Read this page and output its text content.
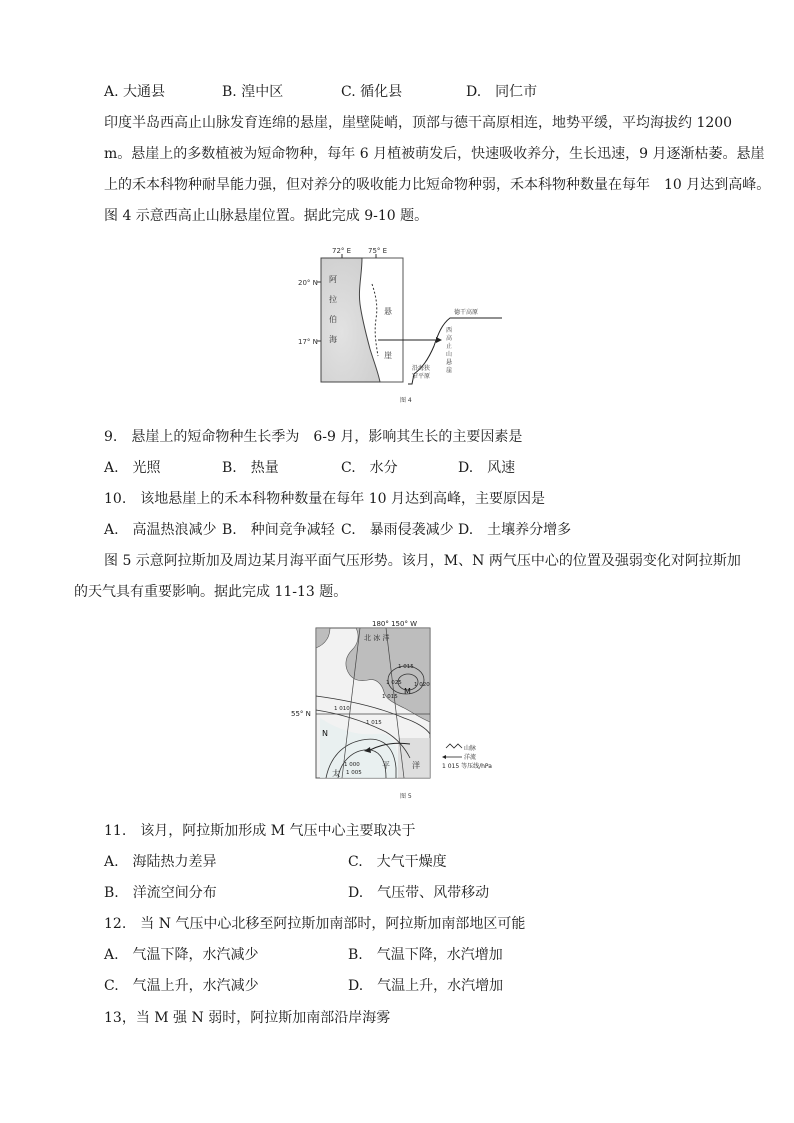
A. 大通县	B. 湟中区	C. 循化县	D.　同仁市
印度半岛西高止山脉发育连绵的悬崖，崖壁陡峭，顶部与德干高原相连，地势平缓，平均海拔约 1200
m。悬崖上的多数植被为短命物种，每年 6 月植被萌发后，快速吸收养分，生长迅速，9 月逐渐枯萎。悬崖
上的禾本科物种耐旱能力强，但对养分的吸收能力比短命物种弱，禾本科物种数量在每年　10 月达到高峰。
图 4 示意西高止山脉悬崖位置。据此完成 9-10 题。
72° E 75° E
20° N
17° N
阿
拉
伯
海
悬
崖
德干高原
西
高
止
山
悬
崖
沿海狭
窄平原
图 4
9.　悬崖上的短命物种生长季为　6-9 月，影响其生长的主要因素是
A.　光照	B.　热量	C.　水分	D.　风速
10.　该地悬崖上的禾本科物种数量在每年 10 月达到高峰，主要原因是
A.　高温热浪减少 B.　种间竞争减轻 C.　暴雨侵袭减少 D.　土壤养分增多
图 5 示意阿拉斯加及周边某月海平面气压形势。该月，M、N 两气压中心的位置及强弱变化对阿拉斯加
的天气具有重要影响。据此完成 11-13 题。
180° 150° W
55° N
北 冰 洋
M
N
1 015
1 020
1 025
1 015
1 010
1 000
1 005
1 015
太
平	洋
山脉
洋流
1 015 等压线/hPa
图 5
11.　该月，阿拉斯加形成 M 气压中心主要取决于
A.　海陆热力差异	C.　大气干燥度
B.　洋流空间分布	D.　气压带、风带移动
12.　当 N 气压中心北移至阿拉斯加南部时，阿拉斯加南部地区可能
A.　气温下降，水汽减少	B.　气温下降，水汽增加
C.　气温上升，水汽减少	D.　气温上升，水汽增加
13，当 M 强 N 弱时，阿拉斯加南部沿岸海雾
